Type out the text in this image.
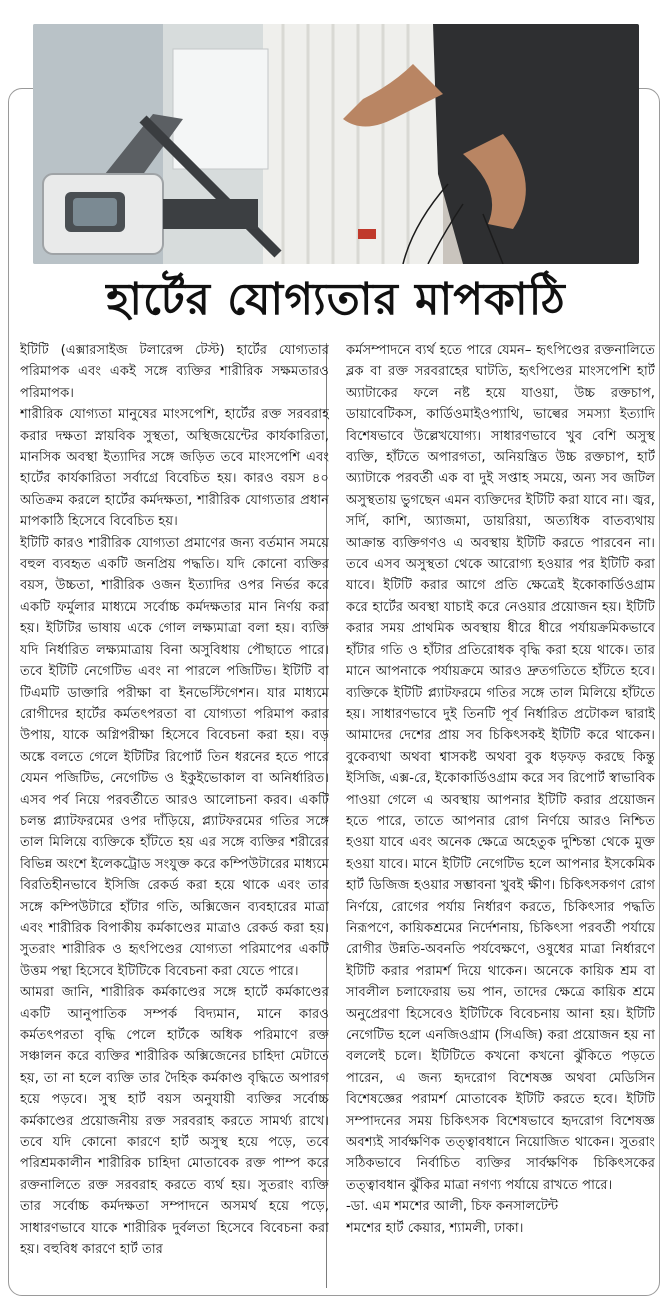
হার্টের যোগ্যতার মাপকাঠি

ইটিটি (এক্সারসাইজ টলারেন্স টেস্ট) হার্টের যোগ্যতার পরিমাপক এবং একই সঙ্গে ব্যক্তির শারীরিক সক্ষমতারও পরিমাপক।

শারীরিক যোগ্যতা মানুষের মাংসপেশি, হার্টের রক্ত সরবরাহ করার দক্ষতা স্নায়বিক সুস্থতা, অস্থিজয়েন্টের কার্যকারিতা, মানসিক অবস্থা ইত্যাদির সঙ্গে জড়িত তবে মাংসপেশি এবং হার্টের কার্যকারিতা সর্বাগ্রে বিবেচিত হয়। কারও বয়স ৪০ অতিক্রম করলে হার্টের কর্মদক্ষতা, শারীরিক যোগ্যতার প্রধান মাপকাঠি হিসেবে বিবেচিত হয়।

ইটিটি কারও শারীরিক যোগ্যতা প্রমাণের জন্য বর্তমান সময়ে বহুল ব্যবহৃত একটি জনপ্রিয় পদ্ধতি। যদি কোনো ব্যক্তির বয়স, উচ্চতা, শারীরিক ওজন ইত্যাদির ওপর নির্ভর করে একটি ফর্মুলার মাধ্যমে সর্বোচ্চ কর্মদক্ষতার মান নির্ণয় করা হয়। ইটিটির ভাষায় একে গোল লক্ষ্যমাত্রা বলা হয়। ব্যক্তি যদি নির্ধারিত লক্ষ্যমাত্রায় বিনা অসুবিধায় পৌছাতে পারে। তবে ইটিটি নেগেটিভ এবং না পারলে পজিটিভ। ইটিটি বা টিএমটি ডাক্তারি পরীক্ষা বা ইনভেস্টিগেশন। যার মাধ্যমে রোগীদের হার্টের কর্মতৎপরতা বা যোগ্যতা পরিমাপ করার উপায়, যাকে অগ্নিপরীক্ষা হিসেবে বিবেচনা করা হয়। বড় অঙ্কে বলতে গেলে ইটিটির রিপোর্ট তিন ধরনের হতে পারে যেমন পজিটিভ, নেগেটিভ ও ইকুইভোকাল বা অনির্ধারিত। এসব পর্ব নিয়ে পরবর্তীতে আরও আলোচনা করব। একটি চলন্ত প্ল্যাটফরমের ওপর দাঁড়িয়ে, প্ল্যাটফরমের গতির সঙ্গে তাল মিলিয়ে ব্যক্তিকে হাঁটতে হয় এর সঙ্গে ব্যক্তির শরীরের বিভিন্ন অংশে ইলেকট্রোড সংযুক্ত করে কম্পিউটারের মাধ্যমে বিরতিহীনভাবে ইসিজি রেকর্ড করা হয়ে থাকে এবং তার সঙ্গে কম্পিউটারে হাঁটার গতি, অক্সিজেন ব্যবহারের মাত্রা এবং শারীরিক বিপাকীয় কর্মকাণ্ডের মাত্রাও রেকর্ড করা হয়। সুতরাং শারীরিক ও হৃৎপিণ্ডের যোগ্যতা পরিমাপের একটি উত্তম পন্থা হিসেবে ইটিটিকে বিবেচনা করা যেতে পারে।

আমরা জানি, শারীরিক কর্মকাণ্ডের সঙ্গে হার্টে কর্মকাণ্ডের একটি আনুপাতিক সম্পর্ক বিদ্যমান, মানে কারও কর্মতৎপরতা বৃদ্ধি পেলে হার্টকে অধিক পরিমাণে রক্ত সঞ্চালন করে ব্যক্তির শারীরিক অক্সিজেনের চাহিদা মেটাতে হয়, তা না হলে ব্যক্তি তার দৈহিক কর্মকাণ্ড বৃদ্ধিতে অপারগ হয়ে পড়বে। সুস্থ হার্ট বয়স অনুযায়ী ব্যক্তির সর্বোচ্চ কর্মকাণ্ডের প্রয়োজনীয় রক্ত সরবরাহ করতে সামর্থ্য রাখে। তবে যদি কোনো কারণে হার্ট অসুস্থ হয়ে পড়ে, তবে পরিশ্রমকালীন শারীরিক চাহিদা মোতাবেক রক্ত পাম্প করে রক্তনালিতে রক্ত সরবরাহ করতে ব্যর্থ হয়। সুতরাং ব্যক্তি তার সর্বোচ্চ কর্মদক্ষতা সম্পাদনে অসমর্থ হয়ে পড়ে, সাধারণভাবে যাকে শারীরিক দুর্বলতা হিসেবে বিবেচনা করা হয়। বহুবিধ কারণে হার্ট তার

কর্মসম্পাদনে ব্যর্থ হতে পারে যেমন– হৃৎপিণ্ডের রক্তনালিতে ব্লক বা রক্ত সরবরাহের ঘাটতি, হৃৎপিণ্ডের মাংসপেশি হার্ট অ্যাটাকের ফলে নষ্ট হয়ে যাওয়া, উচ্চ রক্তচাপ, ডায়াবেটিকস, কার্ডিওমাইওপ্যাথি, ভাল্বের সমস্যা ইত্যাদি বিশেষভাবে উল্লেখযোগ্য। সাধারণভাবে খুব বেশি অসুস্থ ব্যক্তি, হাঁটতে অপারগতা, অনিয়ন্ত্রিত উচ্চ রক্তচাপ, হার্ট অ্যাটাকে পরবর্তী এক বা দুই সপ্তাহ সময়ে, অন্য সব জটিল অসুস্থতায় ভুগছেন এমন ব্যক্তিদের ইটিটি করা যাবে না। জ্বর, সর্দি, কাশি, অ্যাজমা, ডায়রিয়া, অত্যধিক বাতব্যথায় আক্রান্ত ব্যক্তিগণও এ অবস্থায় ইটিটি করতে পারবেন না। তবে এসব অসুস্থতা থেকে আরোগ্য হওয়ার পর ইটিটি করা যাবে। ইটিটি করার আগে প্রতি ক্ষেত্রেই ইকোকার্ডিওগ্রাম করে হার্টের অবস্থা যাচাই করে নেওয়ার প্রয়োজন হয়। ইটিটি করার সময় প্রাথমিক অবস্থায় ধীরে ধীরে পর্যায়ক্রমিকভাবে হাঁটার গতি ও হাঁটার প্রতিরোধক বৃদ্ধি করা হয়ে থাকে। তার মানে আপনাকে পর্যায়ক্রমে আরও দ্রুতগতিতে হাঁটতে হবে। ব্যক্তিকে ইটিটি প্ল্যাটফরমে গতির সঙ্গে তাল মিলিয়ে হাঁটতে হয়। সাধারণভাবে দুই তিনটি পূর্ব নির্ধারিত প্রটোকল দ্বারাই আমাদের দেশের প্রায় সব চিকিৎসকই ইটিটি করে থাকেন। বুকেব্যথা অথবা শ্বাসকষ্ট অথবা বুক ধড়ফড় করছে কিন্তু ইসিজি, এক্স-রে, ইকোকার্ডিওগ্রাম করে সব রিপোর্ট স্বাভাবিক পাওয়া গেলে এ অবস্থায় আপনার ইটিটি করার প্রয়োজন হতে পারে, তাতে আপনার রোগ নির্ণয়ে আরও নিশ্চিত হওয়া যাবে এবং অনেক ক্ষেত্রে অহেতুক দুশ্চিন্তা থেকে মুক্ত হওয়া যাবে। মানে ইটিটি নেগেটিভ হলে আপনার ইসকেমিক হার্ট ডিজিজ হওয়ার সম্ভাবনা খুবই ক্ষীণ। চিকিৎসকগণ রোগ নির্ণয়ে, রোগের পর্যায় নির্ধারণ করতে, চিকিৎসার পদ্ধতি নিরূপণে, কায়িকশ্রমের নির্দেশনায়, চিকিৎসা পরবর্তী পর্যায়ে রোগীর উন্নতি-অবনতি পর্যবেক্ষণে, ওষুধের মাত্রা নির্ধারণে ইটিটি করার পরামর্শ দিয়ে থাকেন। অনেকে কায়িক শ্রম বা সাবলীল চলাফেরায় ভয় পান, তাদের ক্ষেত্রে কায়িক শ্রমে অনুপ্রেরণা হিসেবেও ইটিটিকে বিবেচনায় আনা হয়। ইটিটি নেগেটিভ হলে এনজিওগ্রাম (সিএজি) করা প্রয়োজন হয় না বললেই চলে। ইটিটিতে কখনো কখনো ঝুঁকিতে পড়তে পারেন, এ জন্য হৃদরোগ বিশেষজ্ঞ অথবা মেডিসিন বিশেষজ্ঞের পরামর্শ মোতাবেক ইটিটি করতে হবে। ইটিটি সম্পাদনের সময় চিকিৎসক বিশেষভাবে হৃদরোগ বিশেষজ্ঞ অবশ্যই সার্বক্ষণিক তত্ত্বাবধানে নিয়োজিত থাকেন। সুতরাং সঠিকভাবে নির্বাচিত ব্যক্তির সার্বক্ষণিক চিকিৎসকের তত্ত্বাবধান ঝুঁকির মাত্রা নগণ্য পর্যায়ে রাখতে পারে।

-ডা. এম শমশের আলী, চিফ কনসালটেন্ট

শমশের হার্ট কেয়ার, শ্যামলী, ঢাকা।
